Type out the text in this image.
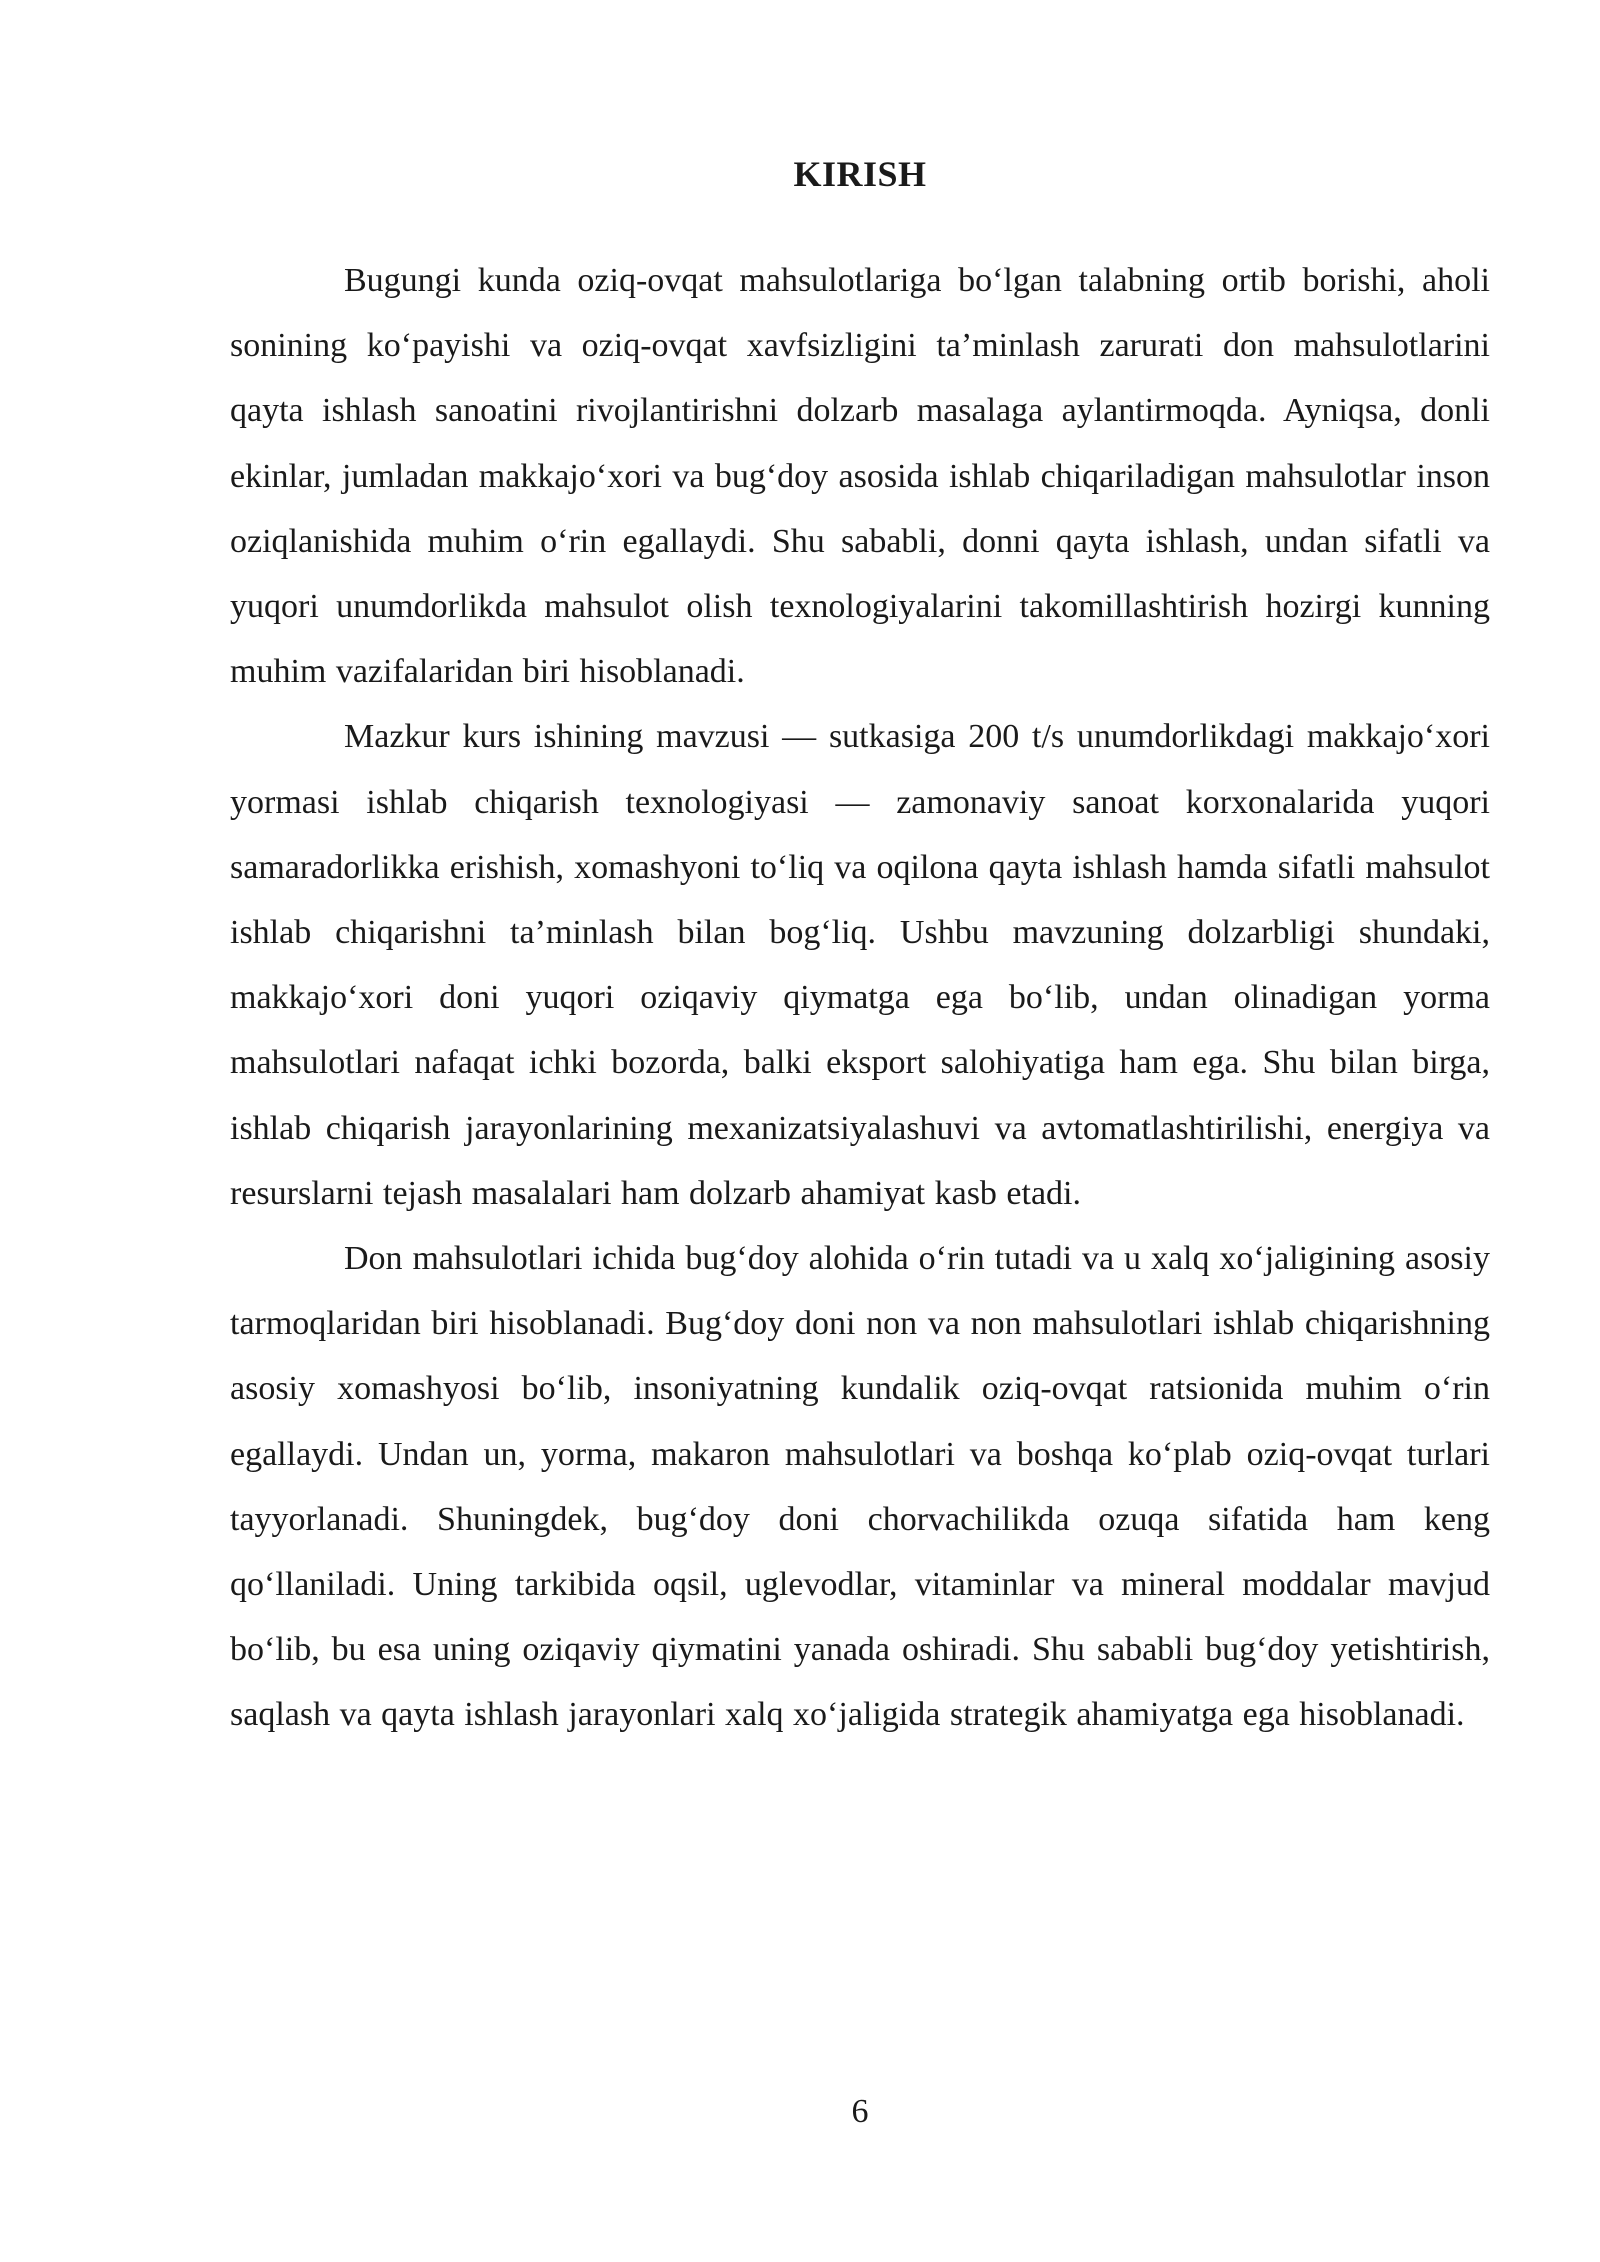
KIRISH

Bugungi kunda oziq-ovqat mahsulotlariga bo‘lgan talabning ortib borishi, aholi sonining ko‘payishi va oziq-ovqat xavfsizligini ta’minlash zarurati don mahsulotlarini qayta ishlash sanoatini rivojlantirishni dolzarb masalaga aylantirmoqda. Ayniqsa, donli ekinlar, jumladan makkajo‘xori va bug‘doy asosida ishlab chiqariladigan mahsulotlar inson oziqlanishida muhim o‘rin egallaydi. Shu sababli, donni qayta ishlash, undan sifatli va yuqori unumdorlikda mahsulot olish texnologiyalarini takomillashtirish hozirgi kunning muhim vazifalaridan biri hisoblanadi.

Mazkur kurs ishining mavzusi — sutkasiga 200 t/s unumdorlikdagi makkajo‘xori yormasi ishlab chiqarish texnologiyasi — zamonaviy sanoat korxonalarida yuqori samaradorlikka erishish, xomashyoni to‘liq va oqilona qayta ishlash hamda sifatli mahsulot ishlab chiqarishni ta’minlash bilan bog‘liq. Ushbu mavzuning dolzarbligi shundaki, makkajo‘xori doni yuqori oziqaviy qiymatga ega bo‘lib, undan olinadigan yorma mahsulotlari nafaqat ichki bozorda, balki eksport salohiyatiga ham ega. Shu bilan birga, ishlab chiqarish jarayonlarining mexanizatsiyalashuvi va avtomatlashtirilishi, energiya va resurslarni tejash masalalari ham dolzarb ahamiyat kasb etadi.

Don mahsulotlari ichida bug‘doy alohida o‘rin tutadi va u xalq xo‘jaligining asosiy tarmoqlaridan biri hisoblanadi. Bug‘doy doni non va non mahsulotlari ishlab chiqarishning asosiy xomashyosi bo‘lib, insoniyatning kundalik oziq-ovqat ratsionida muhim o‘rin egallaydi. Undan un, yorma, makaron mahsulotlari va boshqa ko‘plab oziq-ovqat turlari tayyorlanadi. Shuningdek, bug‘doy doni chorvachilikda ozuqa sifatida ham keng qo‘llaniladi. Uning tarkibida oqsil, uglevodlar, vitaminlar va mineral moddalar mavjud bo‘lib, bu esa uning oziqaviy qiymatini yanada oshiradi. Shu sababli bug‘doy yetishtirish, saqlash va qayta ishlash jarayonlari xalq xo‘jaligida strategik ahamiyatga ega hisoblanadi.

6
